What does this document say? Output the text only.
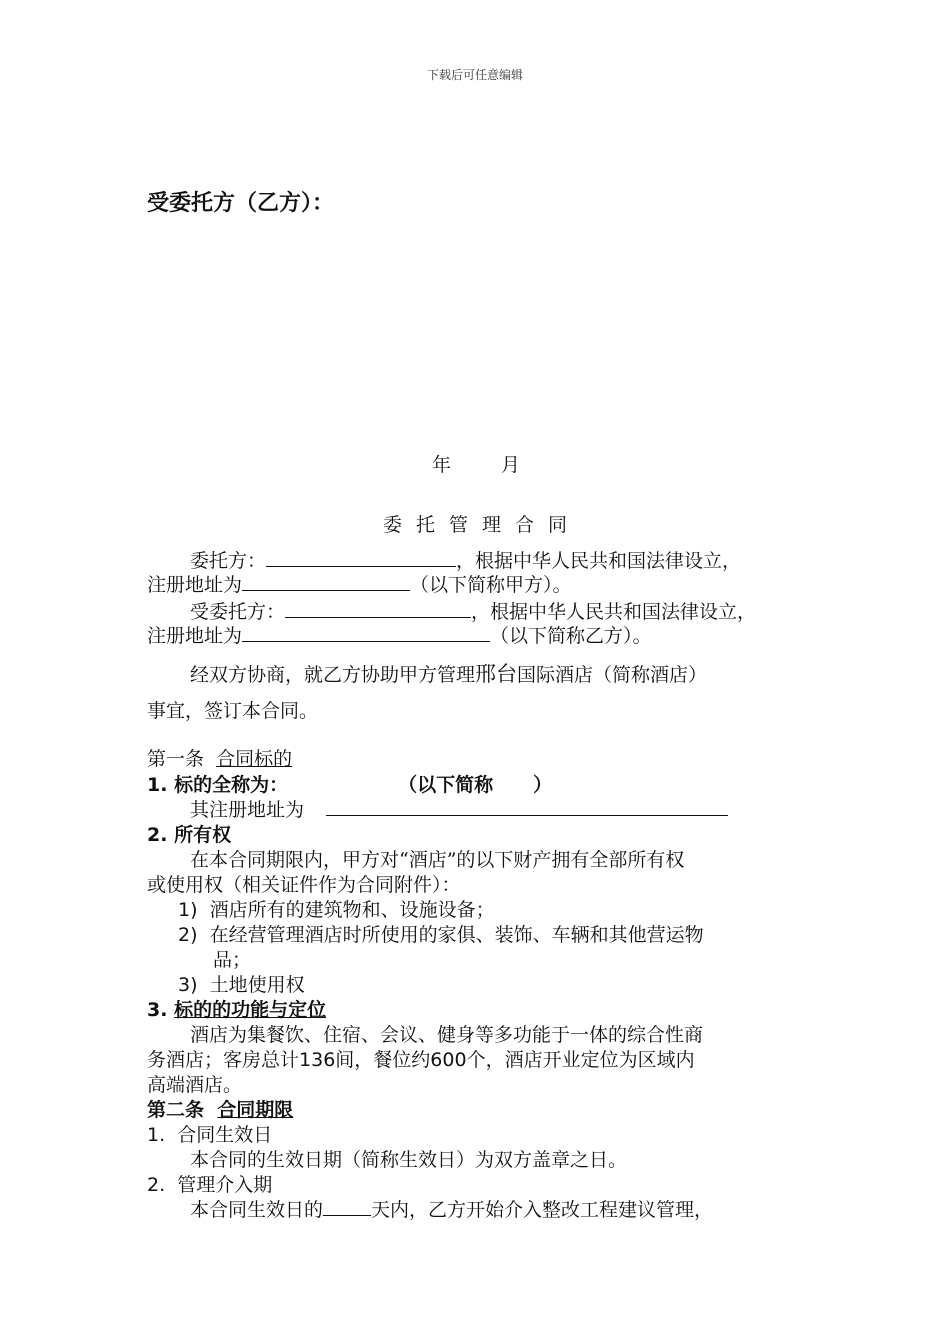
下载后可任意编辑
受委托方（乙方）：
年	月
委托管理合同
委托方：	，根据中华人民共和国法律设立，
注册地址为	（以下简称甲方）。
受委托方：	，根据中华人民共和国法律设立，
注册地址为	（以下简称乙方）。
经双方协商，就乙方协助甲方管理邢台国际酒店（简称酒店）
事宜，签订本合同。
第一条 合同标的
1. 标的全称为：	（以下简称 ）
其注册地址为
2. 所有权
在本合同期限内，甲方对“酒店”的以下财产拥有全部所有权
或使用权（相关证件作为合同附件）：
1) 酒店所有的建筑物和、设施设备；
2) 在经营管理酒店时所使用的家俱、装饰、车辆和其他营运物
品；
3) 土地使用权
3. 标的的功能与定位
酒店为集餐饮、住宿、会议、健身等多功能于一体的综合性商
务酒店；客房总计136间，餐位约600个，酒店开业定位为区域内
高端酒店。
第二条 合同期限
1. 合同生效日
本合同的生效日期（简称生效日）为双方盖章之日。
2. 管理介入期
本合同生效日的	天内，乙方开始介入整改工程建议管理，
